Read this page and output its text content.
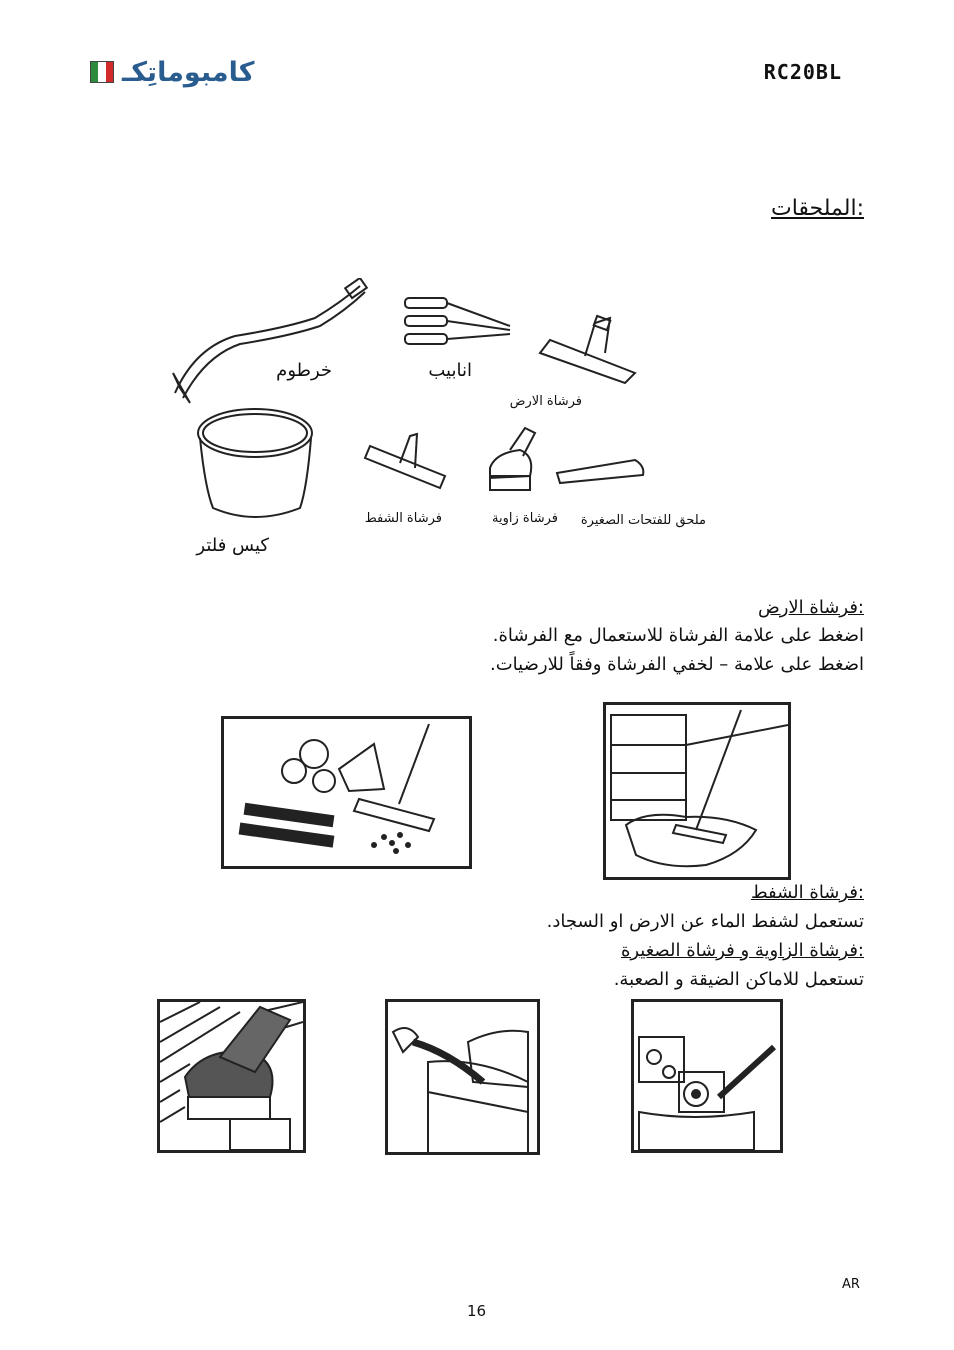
كامبوماتِكـ	RC20BL
:الملحقات
خرطوم	انابيب
فرشاة الارض
فرشاة الشفط	فرشاة زاوية ملحق للفتحات الصغيرة
كيس فلتر
:فرشاة الارض
اضغط على علامة الفرشاة للاستعمال مع الفرشاة.
اضغط على علامة – لخفي الفرشاة وفقاً للارضيات.
:فرشاة الشفط
تستعمل لشفط الماء عن الارض او السجاد.
:فرشاة الزاوية و فرشاة الصغيرة
تستعمل للاماكن الضيقة و الصعبة.
AR
16
